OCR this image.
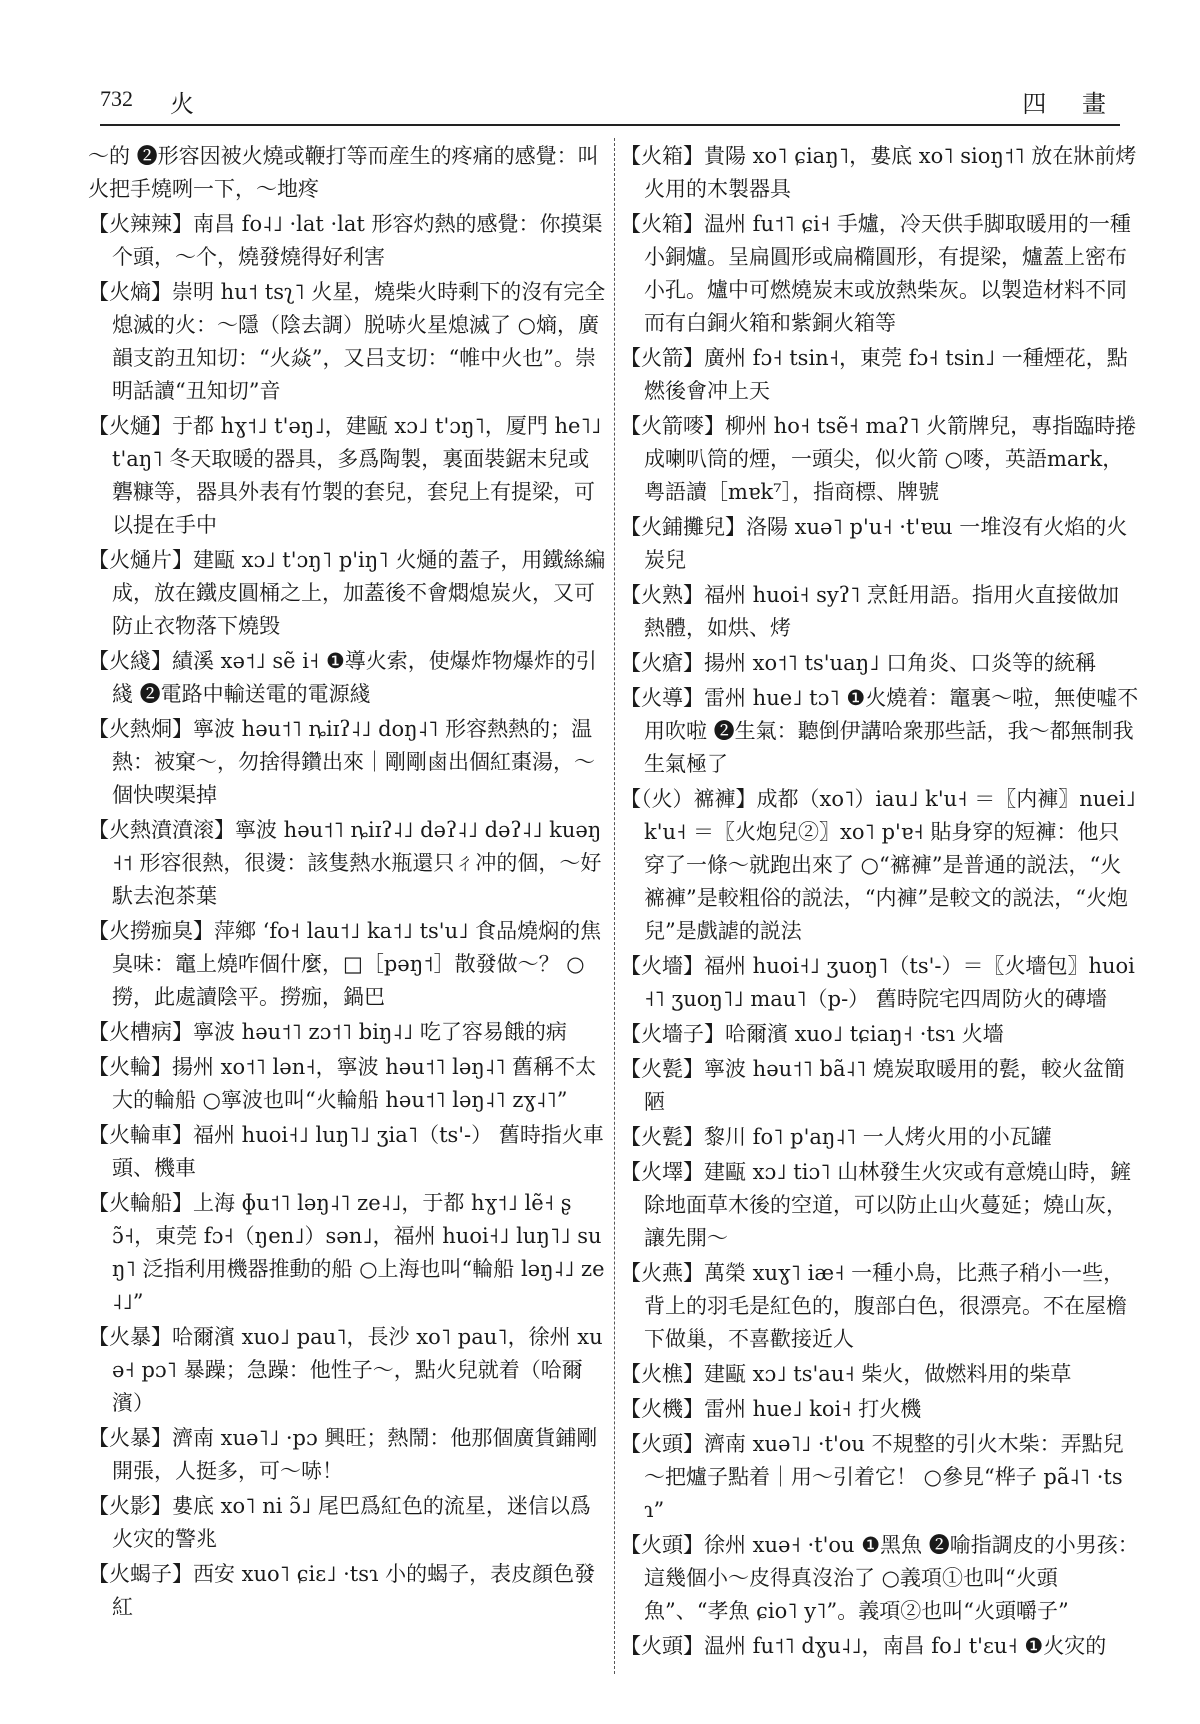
732 火	四 畫

～的 ❷形容因被火燒或鞭打等而産生的疼痛的感覺：叫火把手燒咧一下，～地疼

【火辣辣】南昌 fo˨˩ ·lat ·lat 形容灼熱的感覺：你摸渠个頭，～个，燒發燒得好利害

【火熵】崇明 hu˦ tsʅ˥ 火星，燒柴火時剩下的沒有完全熄滅的火：～隱（陰去調）脱哧火星熄滅了 ○熵，廣韻支韵丑知切：“火焱”，又吕支切：“帷中火也”。崇明話讀“丑知切”音

【火熥】于都 hɣ˦˩ t'əŋ˩，建甌 xɔ˩ t'ɔŋ˥，厦門 he˥˩ t'aŋ˥ 冬天取暖的器具，多爲陶製，裏面裝鋸末兒或礱糠等，器具外表有竹製的套兒，套兒上有提梁，可以提在手中

【火熥片】建甌 xɔ˩ t'ɔŋ˥ p'iŋ˥ 火熥的蓋子，用鐵絲編成，放在鐵皮圓桶之上，加蓋後不會燜熄炭火，又可防止衣物落下燒毁

【火綫】績溪 xə˦˩ sẽ i˧ ❶導火索，使爆炸物爆炸的引綫 ❷電路中輸送電的電源綫

【火熱烔】寧波 həu˦˥ ȵiɪʔ˨˩ doŋ˨˥ 形容熱熱的；温熱：被窠～，勿捨得鑽出來｜剛剛鹵出個紅棗湯，～個快喫渠掉

【火熱濆濆滚】寧波 həu˦˥ ȵiɪʔ˨˩ dəʔ˨˩ dəʔ˨˩ kuəŋ˧˦ 形容很熱，很燙：該隻熱水瓶還只ㄔ冲的個，～好馱去泡茶葉

【火撈痂臭】萍鄉 ʻfo˧ lau˦˩ ka˦˩ ts'u˩ 食品燒焖的焦臭味：竈上燒咋個什麼，□［pəŋ˦］散發做～？ ○撈，此處讀陰平。撈痂，鍋巴

【火槽病】寧波 həu˦˥ zɔ˦˥ biŋ˨˩ 吃了容易餓的病

【火輪】揚州 xo˦˥ lən˧，寧波 həu˦˥ ləŋ˨˥ 舊稱不太大的輪船 ○寧波也叫“火輪船 həu˦˥ ləŋ˨˥ zɣ˨˥”

【火輪車】福州 huoi˧˩ luŋ˥˩ ʒia˥（ts'-） 舊時指火車頭、機車

【火輪船】上海 ɸu˦˥ ləŋ˨˥ ze˨˩，于都 hɣ˦˩ lẽ˧ ʂɔ̃˧，東莞 fɔ˧（ŋen˩）sən˩，福州 huoi˧˩ luŋ˥˩ suŋ˥ 泛指利用機器推動的船 ○上海也叫“輪船 ləŋ˨˩ ze˨˩”

【火暴】哈爾濱 xuo˩ pau˥，長沙 xo˥ pau˥，徐州 xuə˧ pɔ˥ 暴躁；急躁：他性子～，點火兒就着（哈爾濱）

【火暴】濟南 xuə˥˩ ·pɔ 興旺；熱鬧：他那個廣貨鋪剛開張，人挺多，可～哧！

【火影】婁底 xo˥ ni ɔ̃˩ 尾巴爲紅色的流星，迷信以爲火灾的警兆

【火蝎子】西安 xuo˥ ɕiɛ˩ ·tsɿ 小的蝎子，表皮顔色發紅

【火箱】貴陽 xo˥ ɕiaŋ˥，婁底 xo˥ sioŋ˦˥ 放在牀前烤火用的木製器具

【火箱】温州 fu˦˥ ɕi˧ 手爐，冷天供手脚取暖用的一種小銅爐。呈扁圓形或扁橢圓形，有提梁，爐蓋上密布小孔。爐中可燃燒炭末或放熱柴灰。以製造材料不同而有白銅火箱和紫銅火箱等

【火箭】廣州 fɔ˧ tsin˧，東莞 fɔ˧ tsin˩ 一種煙花，點燃後會冲上天

【火箭嘜】柳州 ho˧ tsẽ˧ maʔ˥ 火箭牌兒，專指臨時捲成喇叭筒的煙，一頭尖，似火箭 ○嘜，英語mark，粤語讀［mɐk⁷］，指商標、牌號

【火鋪攤兒】洛陽 xuə˥ p'u˧ ·t'ɐɯ 一堆沒有火焰的火炭兒

【火熟】福州 huoi˧ syʔ˥ 烹飪用語。指用火直接做加熱體，如烘、烤

【火瘡】揚州 xo˦˥ ts'uaŋ˩ 口角炎、口炎等的統稱

【火導】雷州 hue˩ tɔ˥ ❶火燒着：竈裏～啦，無使噓不用吹啦 ❷生氣：聽倒伊講哈衆那些話，我～都無制我生氣極了

【（火）褯褲】成都（xo˥）iau˩ k'u˧ ＝〖内褲〗nuei˩ k'u˧ ＝〖火炮兒②〗xo˥ p'ɐ˧ 貼身穿的短褲：他只穿了一條～就跑出來了 ○“褯褲”是普通的説法，“火褯褲”是較粗俗的説法，“内褲”是較文的説法，“火炮兒”是戲謔的説法

【火墻】福州 huoi˧˩ ʒuoŋ˥（ts'-）＝〖火墻包〗huoi˧˥ ʒuoŋ˥˩ mau˥（p-） 舊時院宅四周防火的磚墻

【火墻子】哈爾濱 xuo˩ tɕiaŋ˧ ·tsɿ 火墻

【火甏】寧波 həu˦˥ bã˨˥ 燒炭取暖用的甏，較火盆簡陋

【火甏】黎川 fo˥ p'aŋ˨˥ 一人烤火用的小瓦罐

【火墿】建甌 xɔ˩ tiɔ˥ 山林發生火灾或有意燒山時，鏟除地面草木後的空道，可以防止山火蔓延；燒山灰，讓先開～

【火燕】萬榮 xuɣ˥ iæ˧ 一種小鳥，比燕子稍小一些，背上的羽毛是紅色的，腹部白色，很漂亮。不在屋檐下做巢，不喜歡接近人

【火樵】建甌 xɔ˩ ts'au˧ 柴火，做燃料用的柴草

【火機】雷州 hue˩ koi˧ 打火機

【火頭】濟南 xuə˥˩ ·t'ou 不規整的引火木柴：弄點兒～把爐子點着｜用～引着它！ ○參見“桦子 pã˨˥ ·tsɿ”

【火頭】徐州 xuə˧ ·t'ou ❶黑魚 ❷喻指調皮的小男孩：這幾個小～皮得真沒治了 ○義項①也叫“火頭魚”、“孝魚 ɕio˥ y˥”。義項②也叫“火頭嚼子”

【火頭】温州 fu˦˥ dɣu˨˩，南昌 fo˩ t'ɛu˧ ❶火灾的
